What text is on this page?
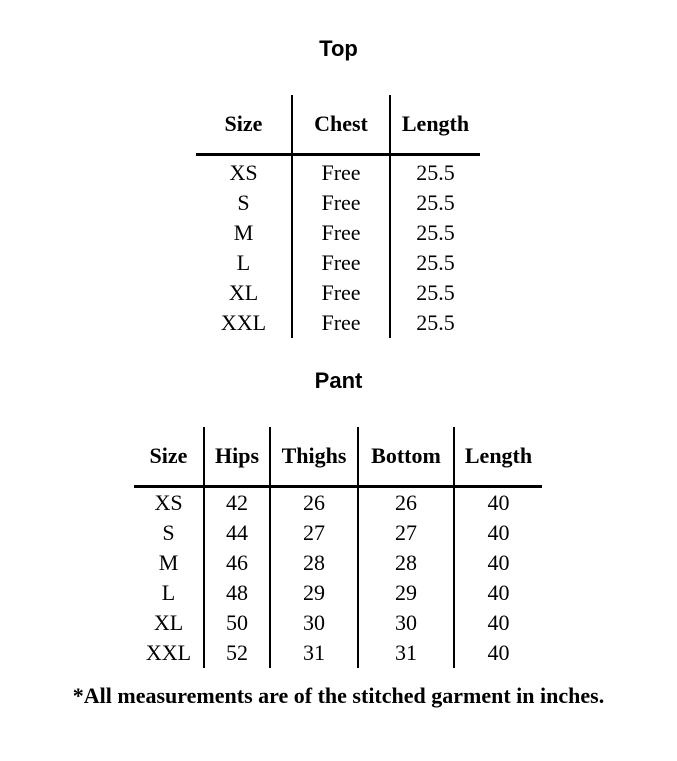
Top
Size	Chest	Length
XS	Free	25.5
S	Free	25.5
M	Free	25.5
L	Free	25.5
XL	Free	25.5
XXL	Free	25.5
Pant
Size	Hips	Thighs	Bottom	Length
XS	42	26	26	40
S	44	27	27	40
M	46	28	28	40
L	48	29	29	40
XL	50	30	30	40
XXL	52	31	31	40
*All measurements are of the stitched garment in inches.
